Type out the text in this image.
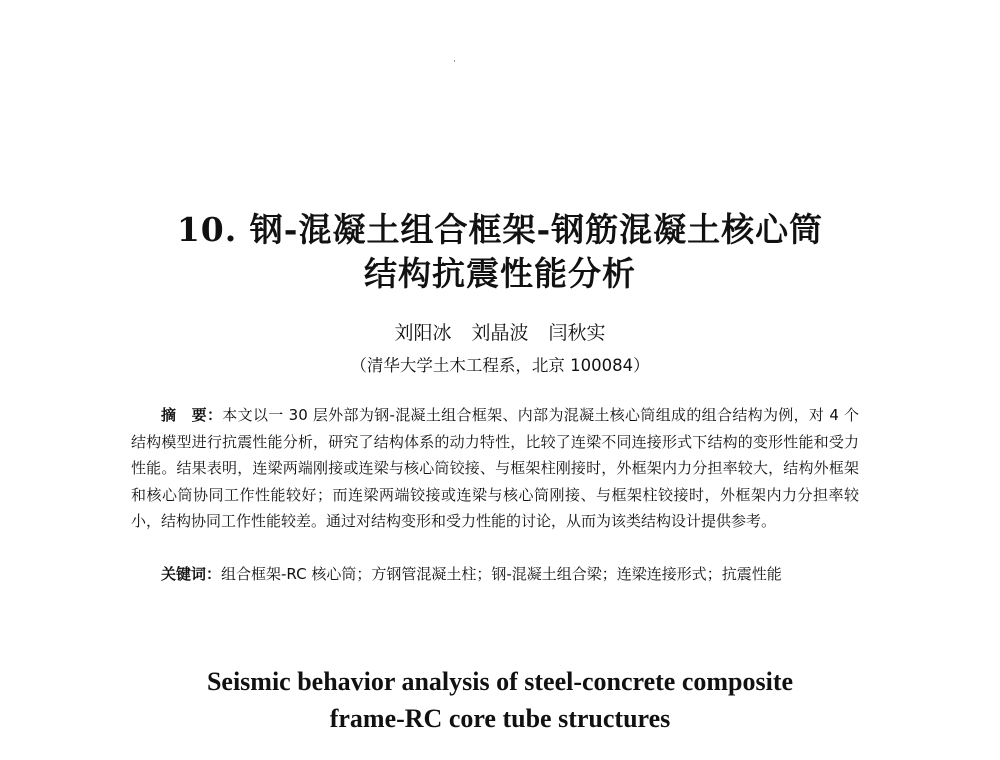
˙
10. 钢-混凝土组合框架-钢筋混凝土核心筒
结构抗震性能分析
刘阳冰 刘晶波 闫秋实
（清华大学土木工程系，北京 100084）

摘　要：本文以一 30 层外部为钢-混凝土组合框架、内部为混凝土核心筒组成的组合结构为例，对 4 个结构模型进行抗震性能分析，研究了结构体系的动力特性，比较了连梁不同连接形式下结构的变形性能和受力性能。结果表明，连梁两端刚接或连梁与核心筒铰接、与框架柱刚接时，外框架内力分担率较大，结构外框架和核心筒协同工作性能较好；而连梁两端铰接或连梁与核心筒刚接、与框架柱铰接时，外框架内力分担率较小，结构协同工作性能较差。通过对结构变形和受力性能的讨论，从而为该类结构设计提供参考。

关键词：组合框架-RC 核心筒；方钢管混凝土柱；钢-混凝土组合梁；连梁连接形式；抗震性能

Seismic behavior analysis of steel-concrete composite
frame-RC core tube structures
